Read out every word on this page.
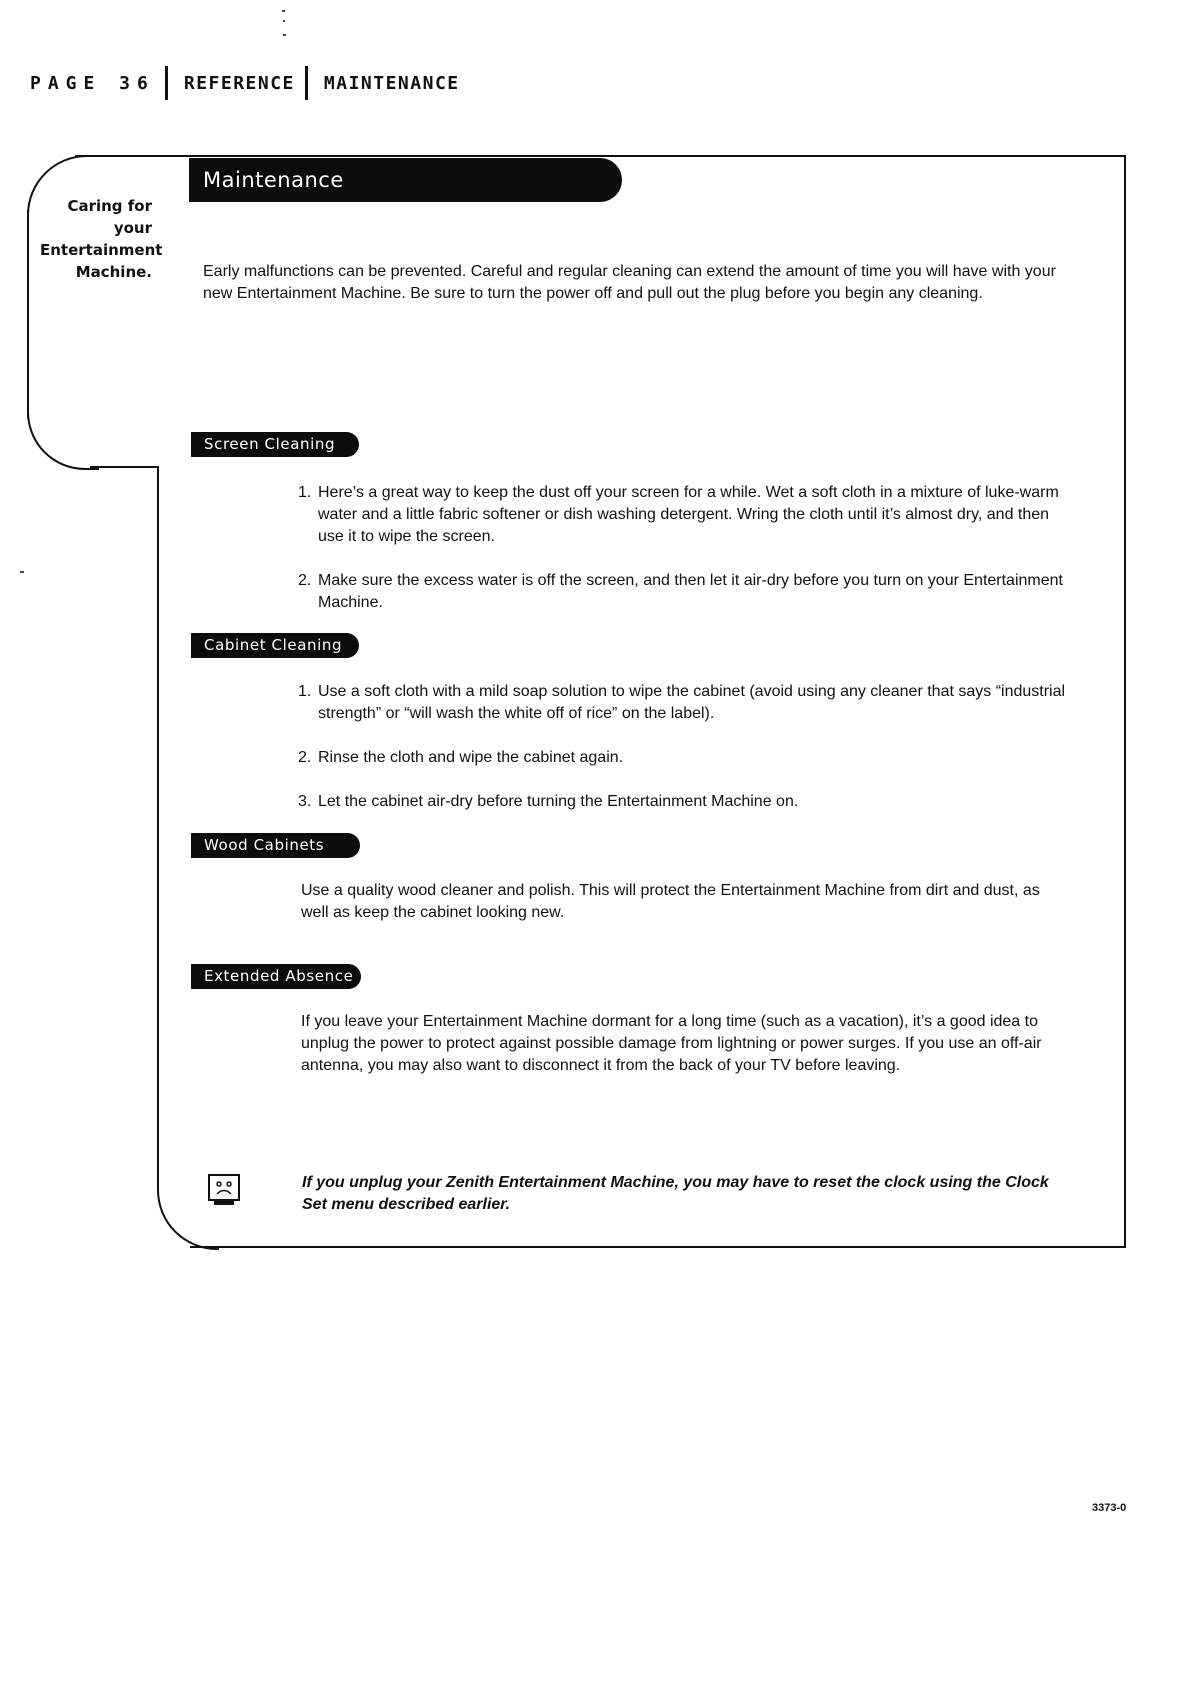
PAGE 36 REFERENCE MAINTENANCE
Maintenance
Caring for
your
Entertainment
Machine.	Early malfunctions can be prevented. Careful and regular cleaning can extend the amount of time you will have with your new Entertainment Machine. Be sure to turn the power off and pull out the plug before you begin any cleaning.
Screen Cleaning
1. Here’s a great way to keep the dust off your screen for a while. Wet a soft cloth in a mixture of luke-warm water and a little fabric softener or dish washing detergent. Wring the cloth until it’s almost dry, and then use it to wipe the screen.
2. Make sure the excess water is off the screen, and then let it air-dry before you turn on your Entertainment Machine.
Cabinet Cleaning
1. Use a soft cloth with a mild soap solution to wipe the cabinet (avoid using any cleaner that says “industrial strength” or “will wash the white off of rice” on the label).
2. Rinse the cloth and wipe the cabinet again.
3. Let the cabinet air-dry before turning the Entertainment Machine on.
Wood Cabinets
Use a quality wood cleaner and polish. This will protect the Entertainment Machine from dirt and dust, as well as keep the cabinet looking new.
Extended Absence
If you leave your Entertainment Machine dormant for a long time (such as a vacation), it’s a good idea to unplug the power to protect against possible damage from lightning or power surges. If you use an off-air antenna, you may also want to disconnect it from the back of your TV before leaving.
If you unplug your Zenith Entertainment Machine, you may have to reset the clock using the Clock Set menu described earlier.
3373-0
